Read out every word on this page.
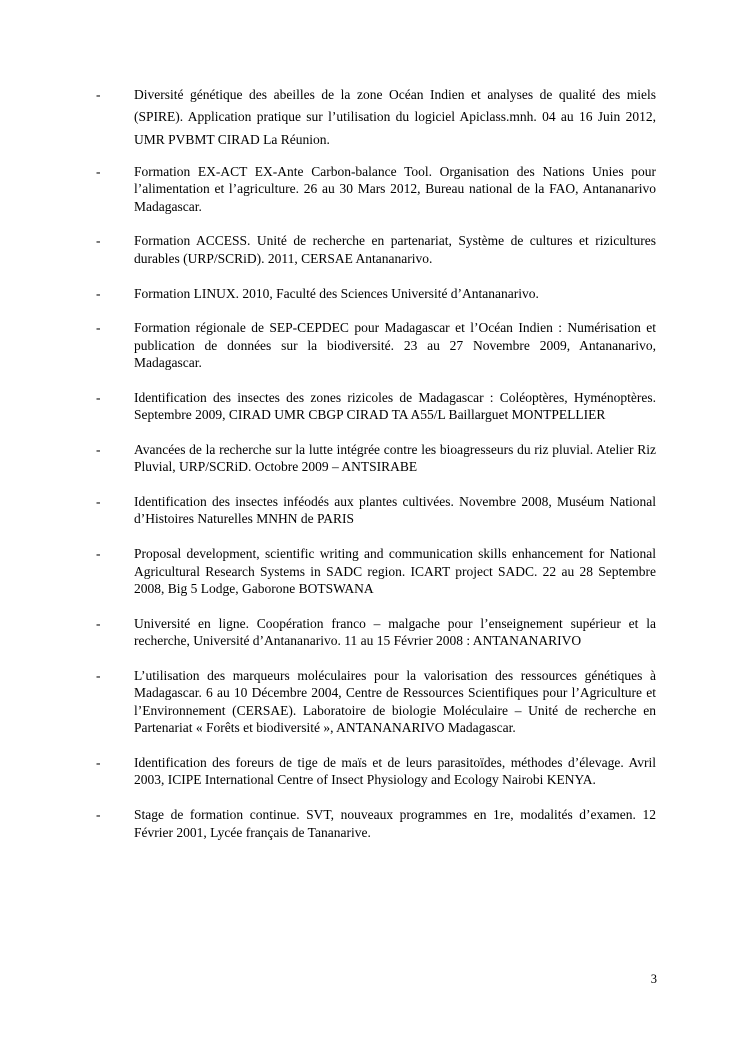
-	Diversité génétique des abeilles de la zone Océan Indien et analyses de qualité des miels (SPIRE). Application pratique sur l’utilisation du logiciel Apiclass.mnh. 04 au 16 Juin 2012, UMR PVBMT CIRAD La Réunion.
-	Formation EX-ACT EX-Ante Carbon-balance Tool. Organisation des Nations Unies pour l’alimentation et l’agriculture. 26 au 30 Mars 2012, Bureau national de la FAO, Antananarivo Madagascar.
-	Formation ACCESS. Unité de recherche en partenariat, Système de cultures et rizicultures durables (URP/SCRiD). 2011, CERSAE Antananarivo.
-	Formation LINUX. 2010, Faculté des Sciences Université d’Antananarivo.
-	Formation régionale de SEP-CEPDEC pour Madagascar et l’Océan Indien : Numérisation et publication de données sur la biodiversité. 23 au 27 Novembre 2009, Antananarivo, Madagascar.
-	Identification des insectes des zones rizicoles de Madagascar : Coléoptères, Hyménoptères. Septembre 2009, CIRAD UMR CBGP CIRAD TA A55/L Baillarguet MONTPELLIER
-	Avancées de la recherche sur la lutte intégrée contre les bioagresseurs du riz pluvial. Atelier Riz Pluvial, URP/SCRiD. Octobre 2009 – ANTSIRABE
-	Identification des insectes inféodés aux plantes cultivées. Novembre 2008, Muséum National d’Histoires Naturelles MNHN de PARIS
-	Proposal development, scientific writing and communication skills enhancement for National Agricultural Research Systems in SADC region. ICART project SADC. 22 au 28 Septembre 2008, Big 5 Lodge, Gaborone BOTSWANA
-	Université en ligne. Coopération franco – malgache pour l’enseignement supérieur et la recherche, Université d’Antananarivo. 11 au 15 Février 2008 : ANTANANARIVO
-	L’utilisation des marqueurs moléculaires pour la valorisation des ressources génétiques à Madagascar. 6 au 10 Décembre 2004, Centre de Ressources Scientifiques pour l’Agriculture et l’Environnement (CERSAE). Laboratoire de biologie Moléculaire – Unité de recherche en Partenariat « Forêts et biodiversité », ANTANANARIVO Madagascar.
-	Identification des foreurs de tige de maïs et de leurs parasitoïdes, méthodes d’élevage. Avril 2003, ICIPE International Centre of Insect Physiology and Ecology Nairobi KENYA.
-	Stage de formation continue. SVT, nouveaux programmes en 1re, modalités d’examen. 12 Février 2001, Lycée français de Tananarive.
3
